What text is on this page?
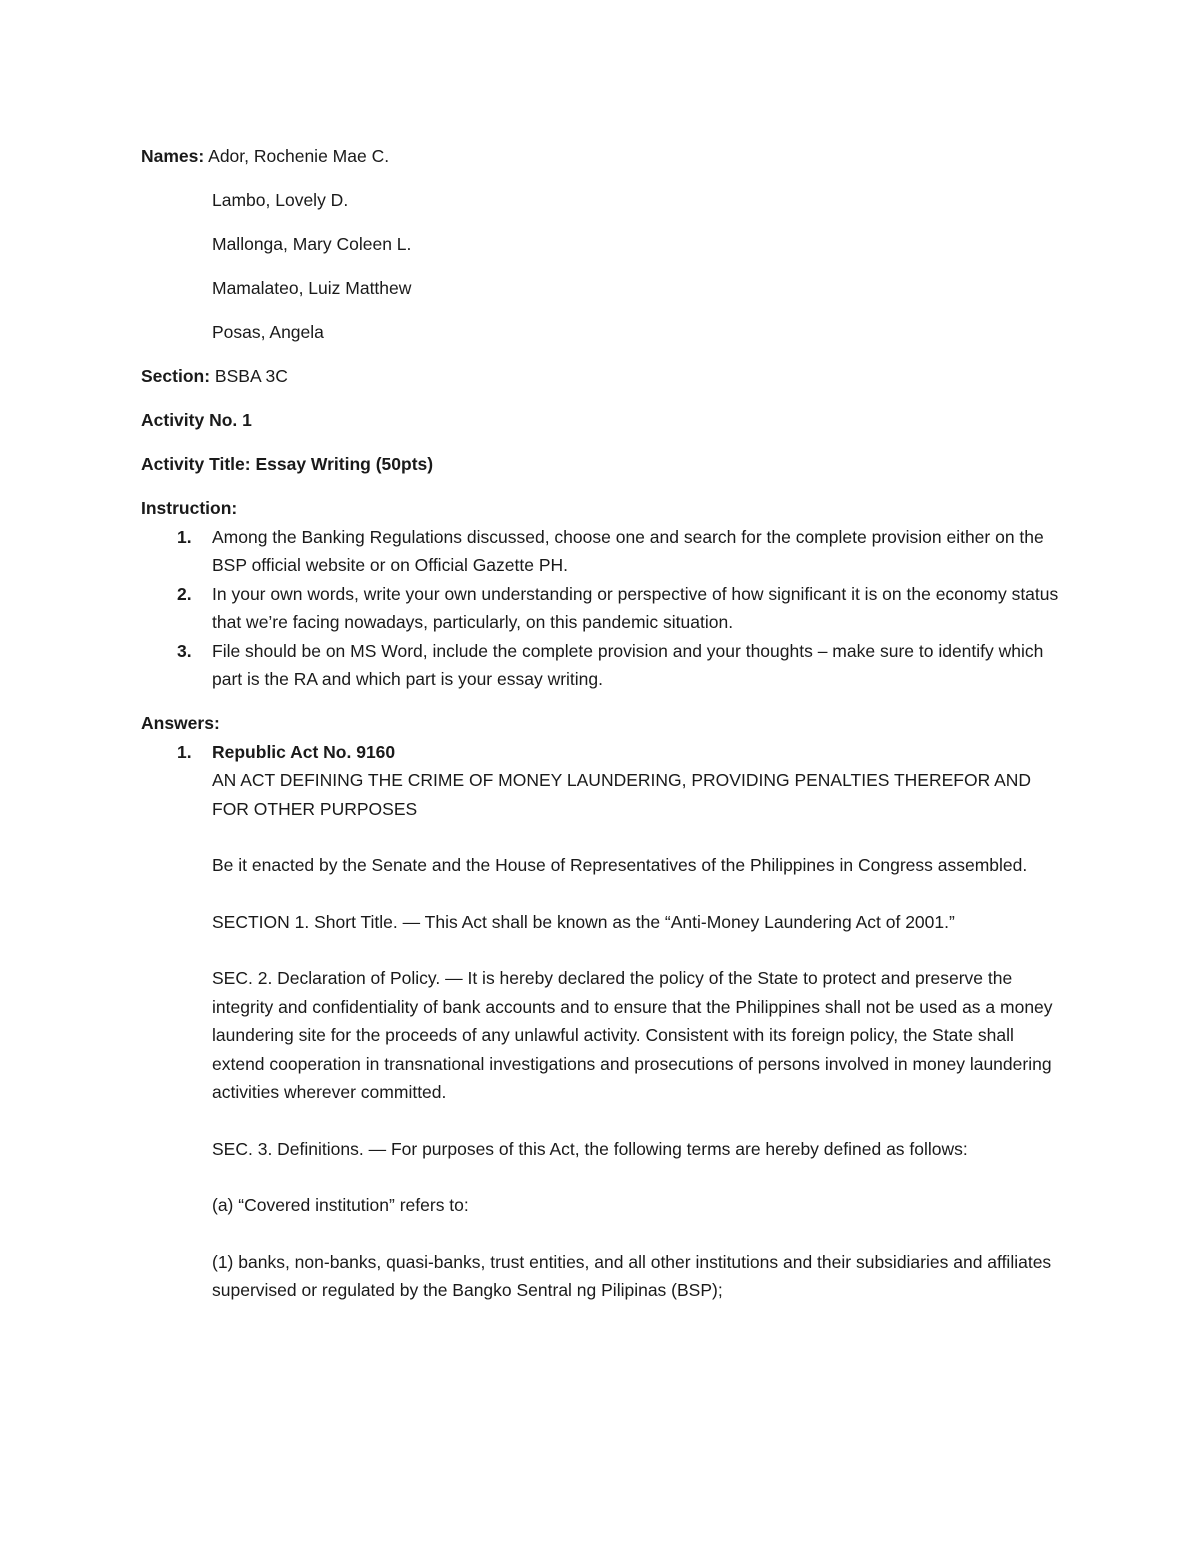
Names: Ador, Rochenie Mae C.

Lambo, Lovely D.

Mallonga, Mary Coleen L.

Mamalateo, Luiz Matthew

Posas, Angela

Section: BSBA 3C

Activity No. 1

Activity Title: Essay Writing (50pts)

Instruction:

1. Among the Banking Regulations discussed, choose one and search for the complete provision either on the BSP official website or on Official Gazette PH.
2. In your own words, write your own understanding or perspective of how significant it is on the economy status that we’re facing nowadays, particularly, on this pandemic situation.
3. File should be on MS Word, include the complete provision and your thoughts – make sure to identify which part is the RA and which part is your essay writing.

Answers:

1. Republic Act No. 9160

AN ACT DEFINING THE CRIME OF MONEY LAUNDERING, PROVIDING PENALTIES THEREFOR AND FOR OTHER PURPOSES

Be it enacted by the Senate and the House of Representatives of the Philippines in Congress assembled.

SECTION 1. Short Title. — This Act shall be known as the “Anti-Money Laundering Act of 2001.”

SEC. 2. Declaration of Policy. — It is hereby declared the policy of the State to protect and preserve the integrity and confidentiality of bank accounts and to ensure that the Philippines shall not be used as a money laundering site for the proceeds of any unlawful activity. Consistent with its foreign policy, the State shall extend cooperation in transnational investigations and prosecutions of persons involved in money laundering activities wherever committed.

SEC. 3. Definitions. — For purposes of this Act, the following terms are hereby defined as follows:

(a) “Covered institution” refers to:

(1) banks, non-banks, quasi-banks, trust entities, and all other institutions and their subsidiaries and affiliates supervised or regulated by the Bangko Sentral ng Pilipinas (BSP);
